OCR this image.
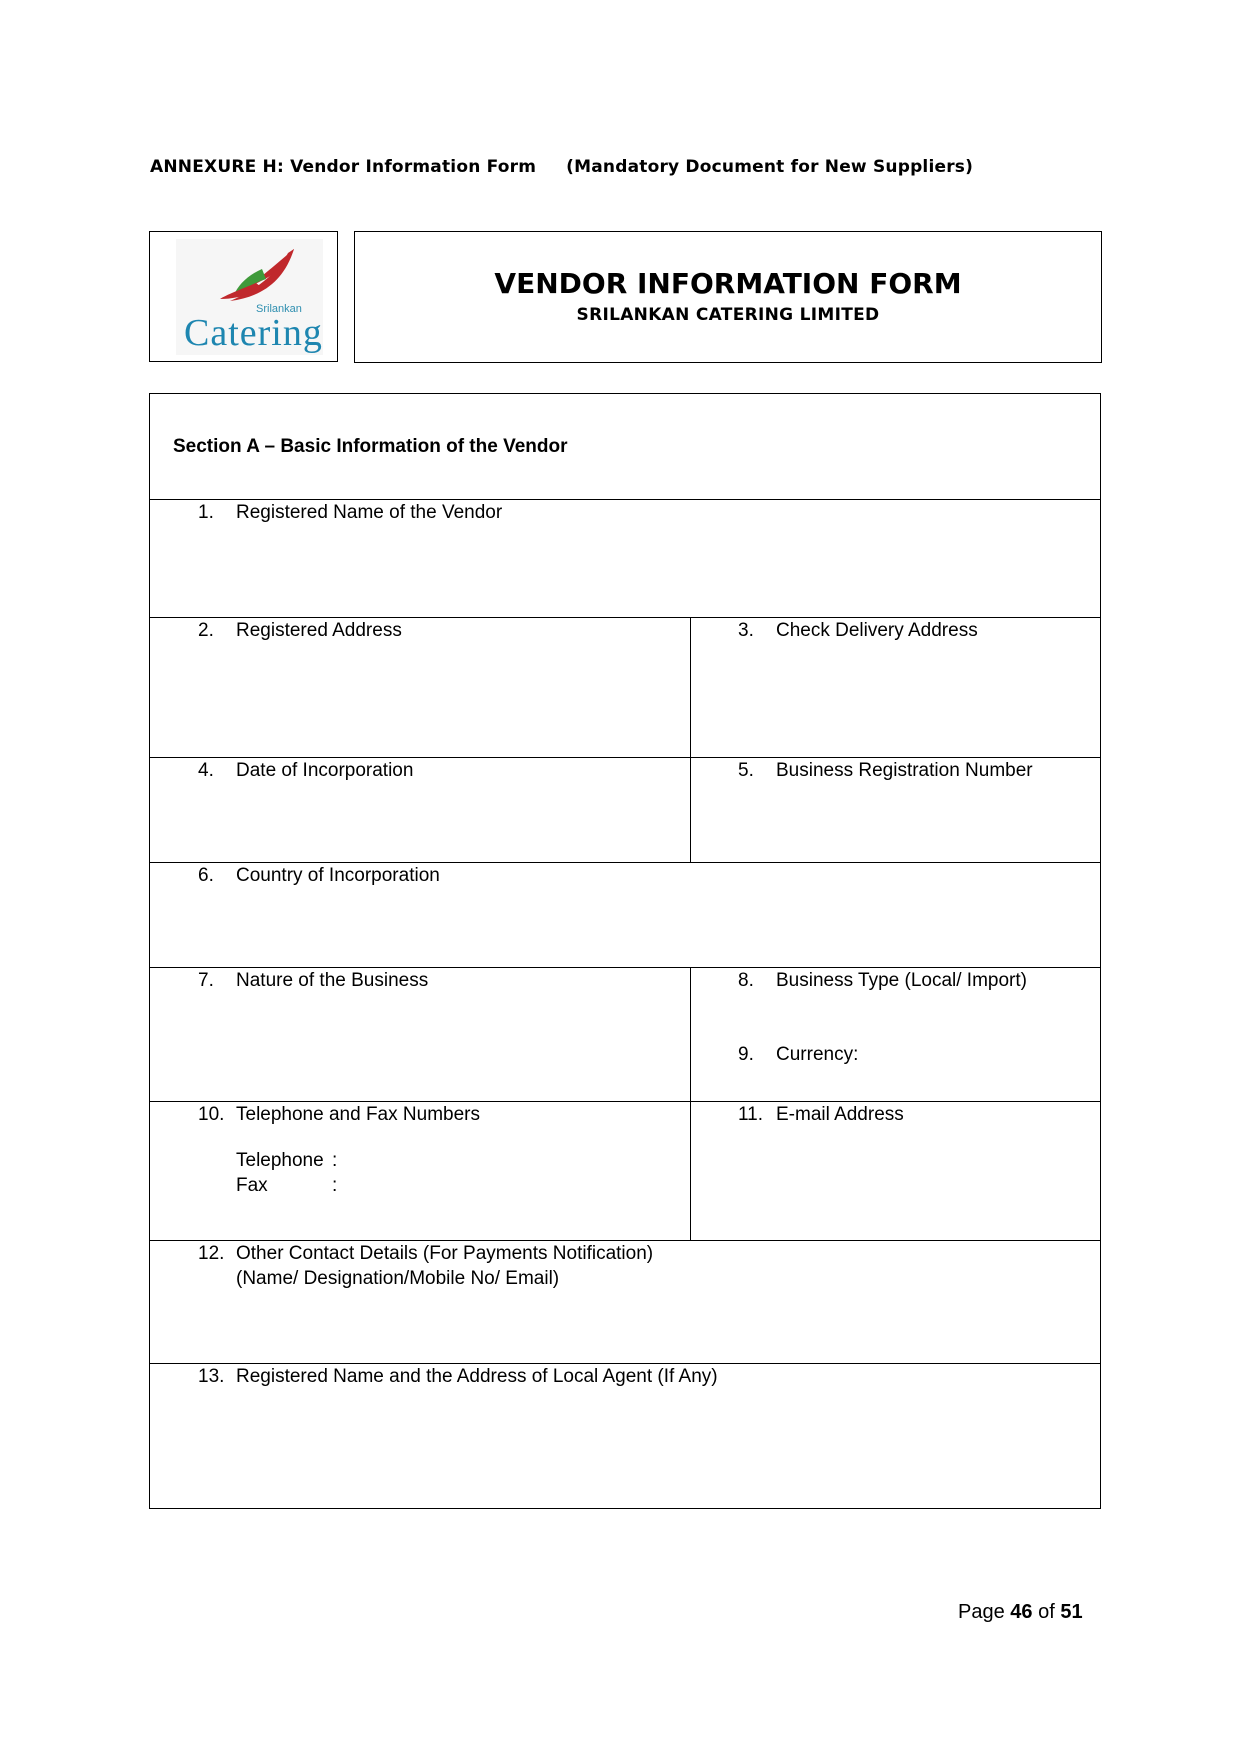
ANNEXURE H: Vendor Information Form (Mandatory Document for New Suppliers)
Srilankan
Catering
VENDOR INFORMATION FORM
SRILANKAN CATERING LIMITED
Section A – Basic Information of the Vendor
1. Registered Name of the Vendor
2. Registered Address	3. Check Delivery Address
4. Date of Incorporation	5. Business Registration Number
6. Country of Incorporation
7. Nature of the Business	8. Business Type (Local/ Import)
9. Currency:
10. Telephone and Fax Numbers
Telephone :
Fax	:
11. E-mail Address
12. Other Contact Details (For Payments Notification)
(Name/ Designation/Mobile No/ Email)
13. Registered Name and the Address of Local Agent (If Any)
Page 46 of 51
